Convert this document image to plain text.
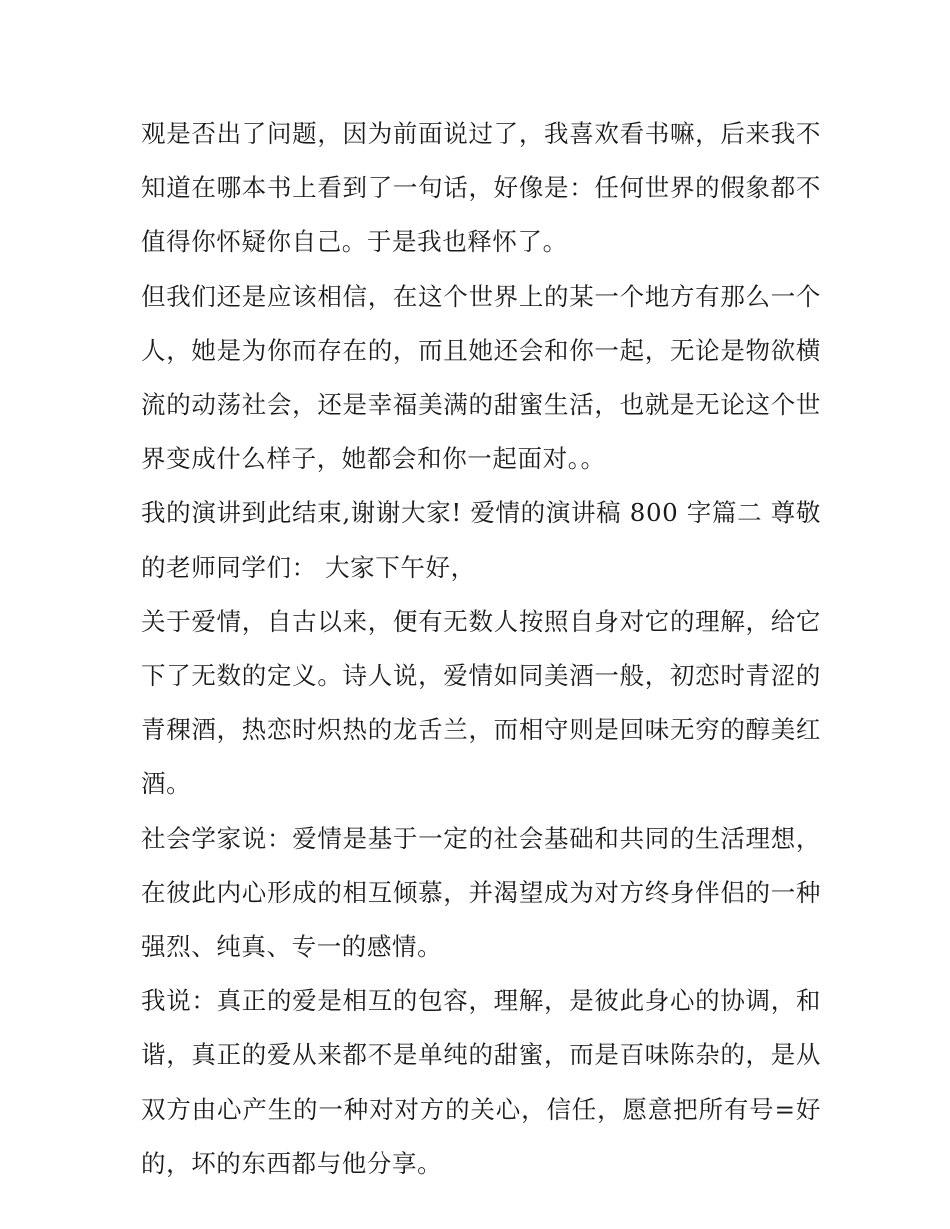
观是否出了问题，因为前面说过了，我喜欢看书嘛，后来我不知道在哪本书上看到了一句话，好像是：任何世界的假象都不值得你怀疑你自己。于是我也释怀了。

但我们还是应该相信，在这个世界上的某一个地方有那么一个人，她是为你而存在的，而且她还会和你一起，无论是物欲横流的动荡社会，还是幸福美满的甜蜜生活，也就是无论这个世界变成什么样子，她都会和你一起面对。。

我的演讲到此结束,谢谢大家! 爱情的演讲稿 800 字篇二 尊敬的老师同学们： 大家下午好，

关于爱情，自古以来，便有无数人按照自身对它的理解，给它下了无数的定义。诗人说，爱情如同美酒一般，初恋时青涩的青稞酒，热恋时炽热的龙舌兰，而相守则是回味无穷的醇美红酒。

社会学家说：爱情是基于一定的社会基础和共同的生活理想，在彼此内心形成的相互倾慕，并渴望成为对方终身伴侣的一种强烈、纯真、专一的感情。

我说：真正的爱是相互的包容，理解，是彼此身心的协调，和谐，真正的爱从来都不是单纯的甜蜜，而是百味陈杂的，是从双方由心产生的一种对对方的关心，信任，愿意把所有号=好的，坏的东西都与他分享。
